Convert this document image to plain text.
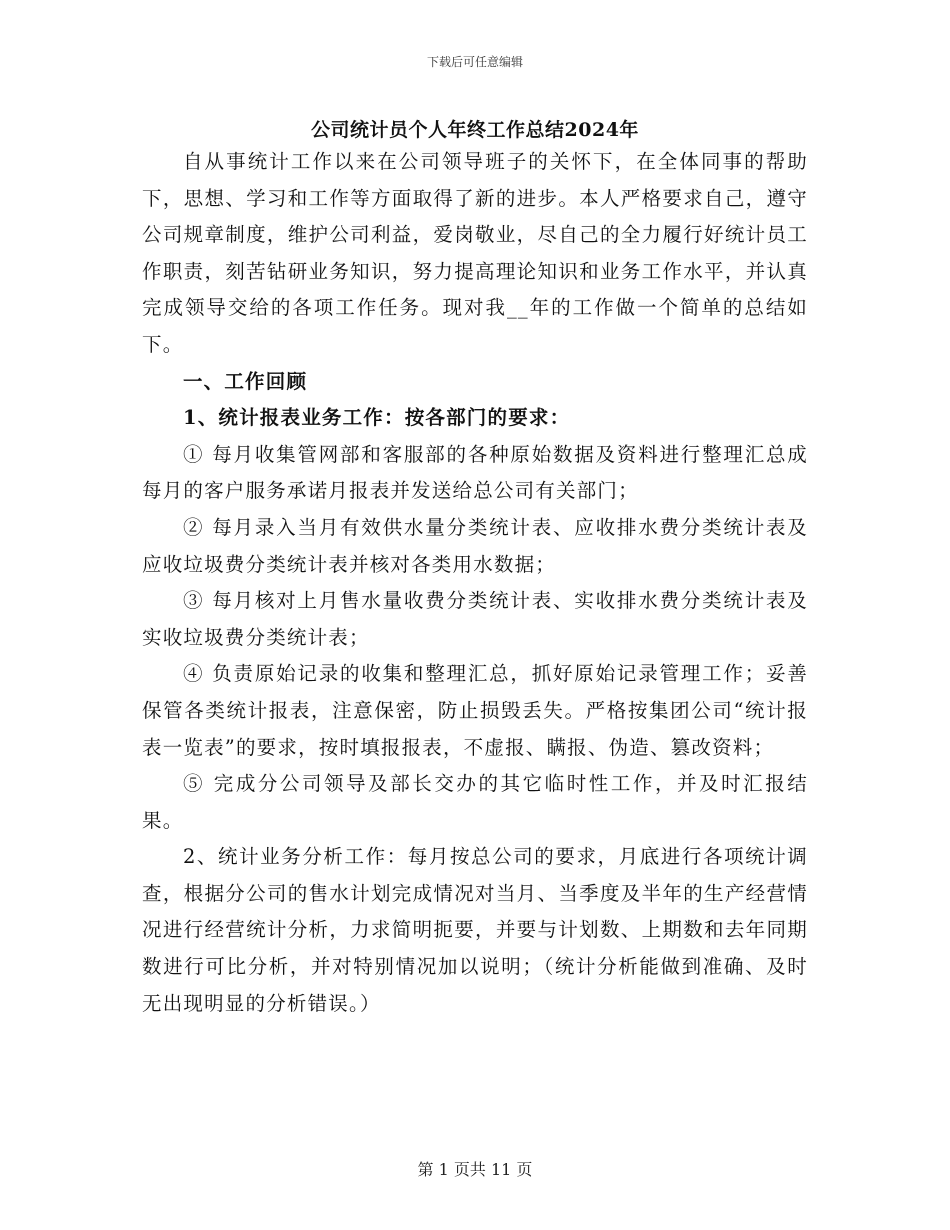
下载后可任意编辑
公司统计员个人年终工作总结2024年

自从事统计工作以来在公司领导班子的关怀下，在全体同事的帮助下，思想、学习和工作等方面取得了新的进步。本人严格要求自己，遵守公司规章制度，维护公司利益，爱岗敬业，尽自己的全力履行好统计员工作职责，刻苦钻研业务知识，努力提高理论知识和业务工作水平，并认真完成领导交给的各项工作任务。现对我__年的工作做一个简单的总结如下。

一、工作回顾

1、统计报表业务工作：按各部门的要求：

① 每月收集管网部和客服部的各种原始数据及资料进行整理汇总成每月的客户服务承诺月报表并发送给总公司有关部门；

② 每月录入当月有效供水量分类统计表、应收排水费分类统计表及应收垃圾费分类统计表并核对各类用水数据；

③ 每月核对上月售水量收费分类统计表、实收排水费分类统计表及实收垃圾费分类统计表；

④ 负责原始记录的收集和整理汇总，抓好原始记录管理工作；妥善保管各类统计报表，注意保密，防止损毁丢失。严格按集团公司“统计报表一览表”的要求，按时填报报表，不虚报、瞒报、伪造、篡改资料；

⑤ 完成分公司领导及部长交办的其它临时性工作，并及时汇报结果。

2、统计业务分析工作：每月按总公司的要求，月底进行各项统计调查，根据分公司的售水计划完成情况对当月、当季度及半年的生产经营情况进行经营统计分析，力求简明扼要，并要与计划数、上期数和去年同期数进行可比分析，并对特别情况加以说明；（统计分析能做到准确、及时无出现明显的分析错误。）

第 1 页共 11 页
